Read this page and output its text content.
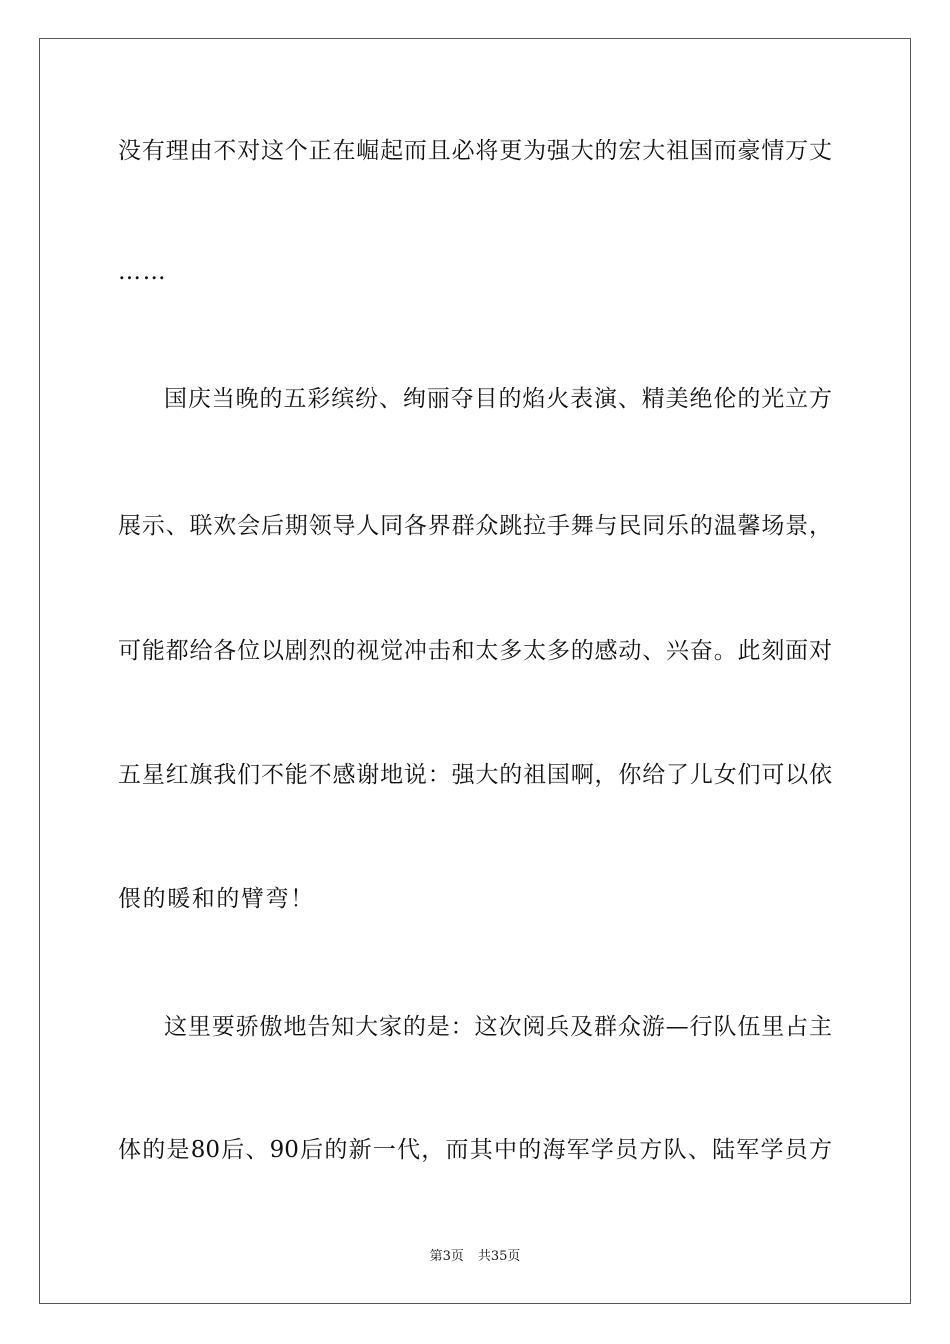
没有理由不对这个正在崛起而且必将更为强大的宏大祖国而豪情万丈
……
国庆当晚的五彩缤纷、绚丽夺目的焰火表演、精美绝伦的光立方
展示、联欢会后期领导人同各界群众跳拉手舞与民同乐的温馨场景，
可能都给各位以剧烈的视觉冲击和太多太多的感动、兴奋。此刻面对
五星红旗我们不能不感谢地说：强大的祖国啊，你给了儿女们可以依
偎的暖和的臂弯！
这里要骄傲地告知大家的是：这次阅兵及群众游—行队伍里占主
体的是80后、90后的新一代，而其中的海军学员方队、陆军学员方
第3页 共35页
